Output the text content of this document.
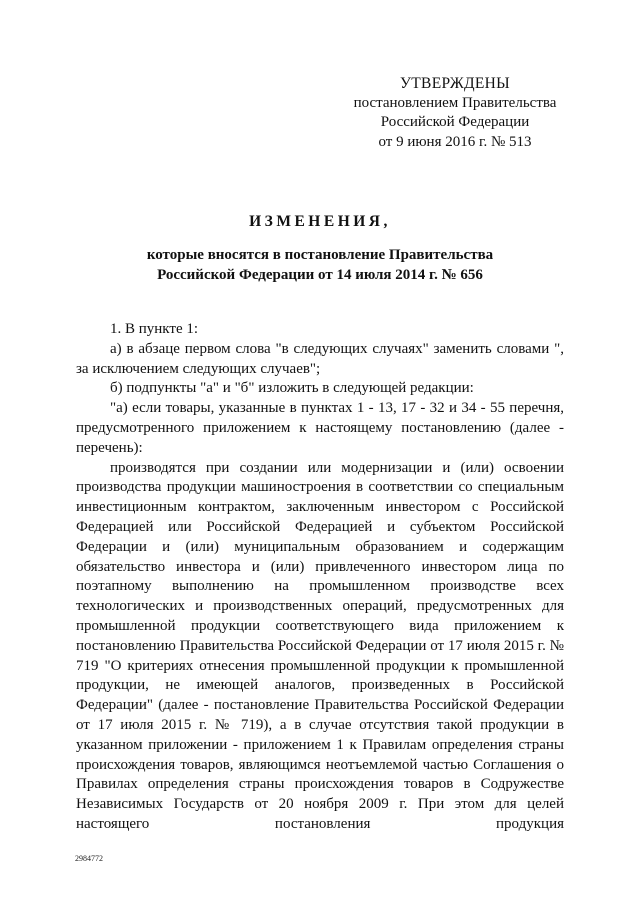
УТВЕРЖДЕНЫ
постановлением Правительства
Российской Федерации
от 9 июня 2016 г. № 513
ИЗМЕНЕНИЯ,
которые вносятся в постановление Правительства
Российской Федерации от 14 июля 2014 г. № 656

1. В пункте 1:

а) в абзаце первом слова "в следующих случаях" заменить словами ", за исключением следующих случаев";

б) подпункты "а" и "б" изложить в следующей редакции:

"а) если товары, указанные в пунктах 1 - 13, 17 - 32 и 34 - 55 перечня, предусмотренного приложением к настоящему постановлению (далее - перечень):

производятся при создании или модернизации и (или) освоении производства продукции машиностроения в соответствии со специальным инвестиционным контрактом, заключенным инвестором с Российской Федерацией или Российской Федерацией и субъектом Российской Федерации и (или) муниципальным образованием и содержащим обязательство инвестора и (или) привлеченного инвестором лица по поэтапному выполнению на промышленном производстве всех технологических и производственных операций, предусмотренных для промышленной продукции соответствующего вида приложением к постановлению Правительства Российской Федерации от 17 июля 2015 г. № 719 "О критериях отнесения промышленной продукции к промышленной продукции, не имеющей аналогов, произведенных в Российской Федерации" (далее - постановление Правительства Российской Федерации от 17 июля 2015 г. № 719), а в случае отсутствия такой продукции в указанном приложении - приложением 1 к Правилам определения страны происхождения товаров, являющимся неотъемлемой частью Соглашения о Правилах определения страны происхождения товаров в Содружестве Независимых Государств от 20 ноября 2009 г. При этом для целей настоящего постановления продукция

2984772
